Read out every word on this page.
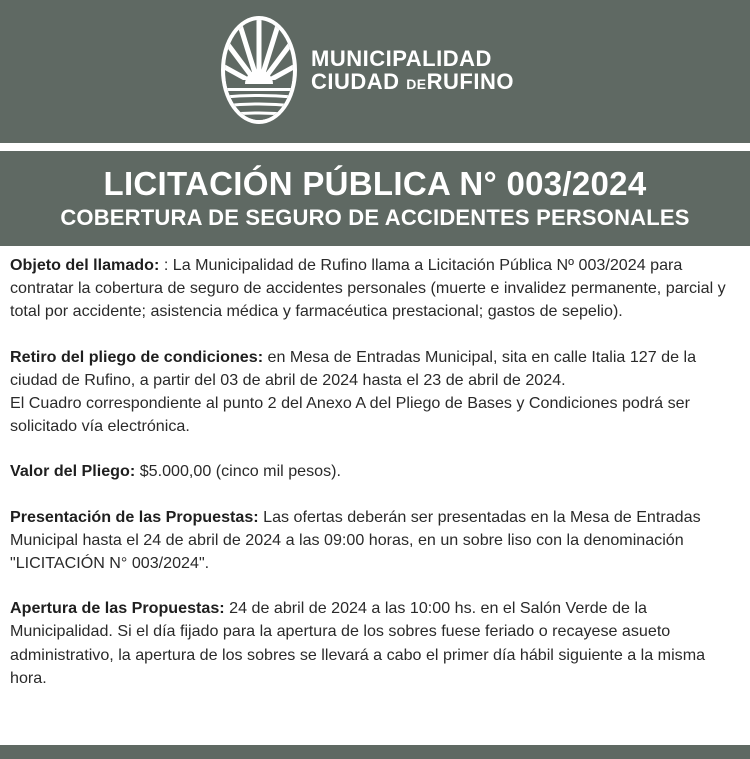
MUNICIPALIDAD
CIUDAD DERUFINO
LICITACIÓN PÚBLICA N° 003/2024
COBERTURA DE SEGURO DE ACCIDENTES PERSONALES

Objeto del llamado: : La Municipalidad de Rufino llama a Licitación Pública Nº 003/2024 para contratar la cobertura de seguro de accidentes personales (muerte e invalidez permanente, parcial y total por accidente; asistencia médica y farmacéutica prestacional; gastos de sepelio).

Retiro del pliego de condiciones: en Mesa de Entradas Municipal, sita en calle Italia 127 de la ciudad de Rufino, a partir del 03 de abril de 2024 hasta el 23 de abril de 2024.
El Cuadro correspondiente al punto 2 del Anexo A del Pliego de Bases y Condiciones podrá ser solicitado vía electrónica.

Valor del Pliego: $5.000,00 (cinco mil pesos).

Presentación de las Propuestas: Las ofertas deberán ser presentadas en la Mesa de Entradas Municipal hasta el 24 de abril de 2024 a las 09:00 horas, en un sobre liso con la denominación "LICITACIÓN N° 003/2024".

Apertura de las Propuestas: 24 de abril de 2024 a las 10:00 hs. en el Salón Verde de la Municipalidad. Si el día fijado para la apertura de los sobres fuese feriado o recayese asueto administrativo, la apertura de los sobres se llevará a cabo el primer día hábil siguiente a la misma hora.
